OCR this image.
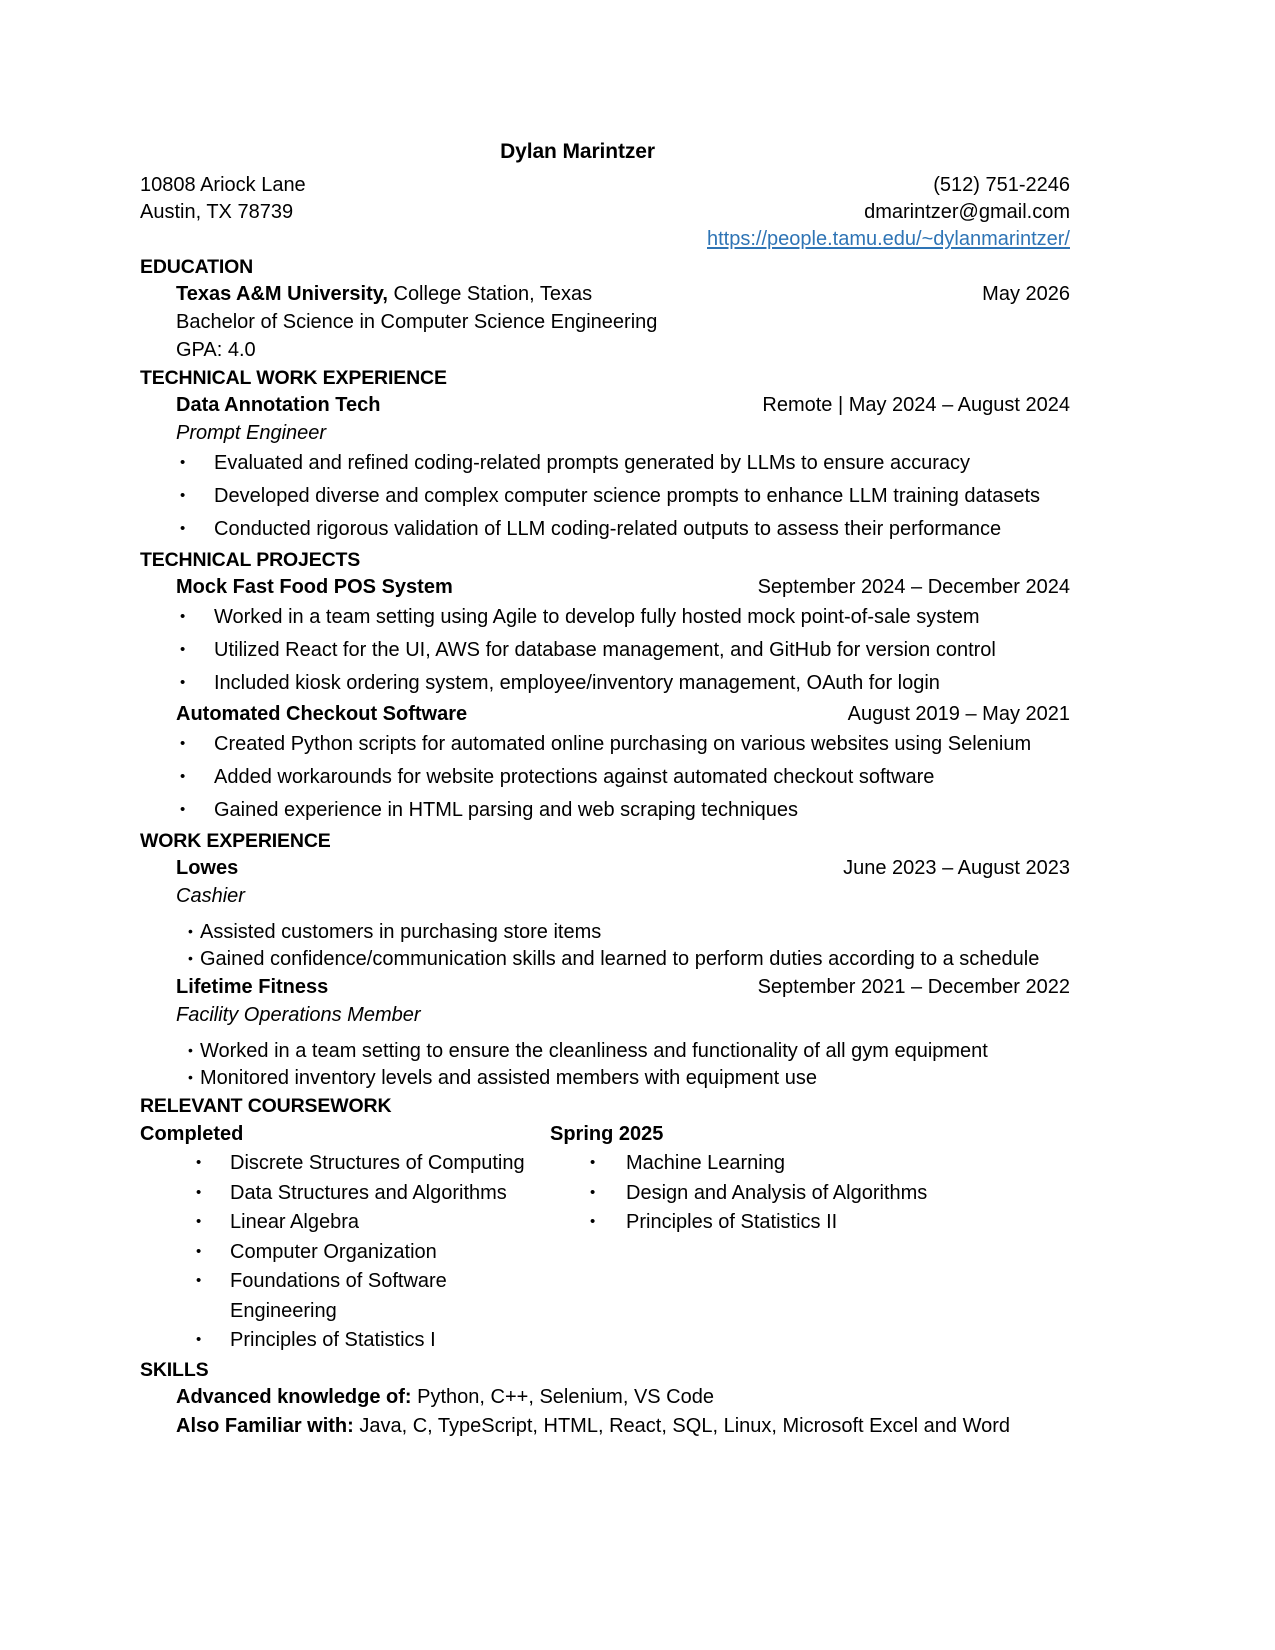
Dylan Marintzer
10808 Ariock Lane
Austin, TX 78739
(512) 751-2246
dmarintzer@gmail.com
https://people.tamu.edu/~dylanmarintzer/
EDUCATION
Texas A&M University, College Station, Texas	May 2026
Bachelor of Science in Computer Science Engineering
GPA: 4.0
TECHNICAL WORK EXPERIENCE
Data Annotation Tech	Remote | May 2024 – August 2024
Prompt Engineer
• Evaluated and refined coding-related prompts generated by LLMs to ensure accuracy
• Developed diverse and complex computer science prompts to enhance LLM training datasets
• Conducted rigorous validation of LLM coding-related outputs to assess their performance
TECHNICAL PROJECTS
Mock Fast Food POS System	September 2024 – December 2024
• Worked in a team setting using Agile to develop fully hosted mock point-of-sale system
• Utilized React for the UI, AWS for database management, and GitHub for version control
• Included kiosk ordering system, employee/inventory management, OAuth for login
Automated Checkout Software	August 2019 – May 2021
• Created Python scripts for automated online purchasing on various websites using Selenium
• Added workarounds for website protections against automated checkout software
• Gained experience in HTML parsing and web scraping techniques
WORK EXPERIENCE
Lowes	June 2023 – August 2023
Cashier
• Assisted customers in purchasing store items
• Gained confidence/communication skills and learned to perform duties according to a schedule
Lifetime Fitness	September 2021 – December 2022
Facility Operations Member
• Worked in a team setting to ensure the cleanliness and functionality of all gym equipment
• Monitored inventory levels and assisted members with equipment use
RELEVANT COURSEWORK
Completed
• Discrete Structures of Computing
• Data Structures and Algorithms
• Linear Algebra
• Computer Organization
• Foundations of Software Engineering
• Principles of Statistics I
Spring 2025
• Machine Learning
• Design and Analysis of Algorithms
• Principles of Statistics II
SKILLS
Advanced knowledge of: Python, C++, Selenium, VS Code
Also Familiar with: Java, C, TypeScript, HTML, React, SQL, Linux, Microsoft Excel and Word
